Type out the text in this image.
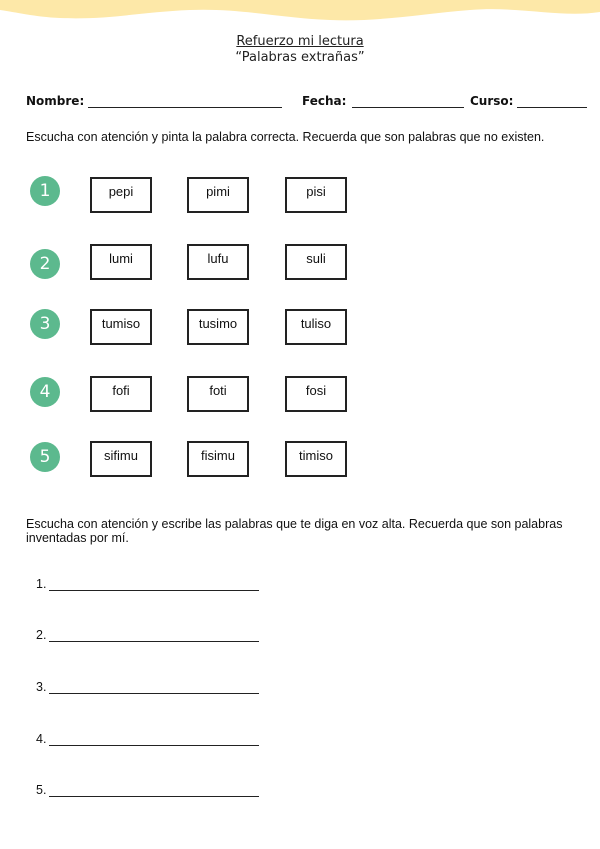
Refuerzo mi lectura
“Palabras extrañas”
Nombre:	Fecha:	Curso:
Escucha con atención y pinta la palabra correcta. Recuerda que son palabras que no existen.
1	pepi	pimi	pisi
2	lumi	lufu	suli
3	tumiso	tusimo	tuliso
4	fofi	foti	fosi
5	sifimu	fisimu	timiso
Escucha con atención y escribe las palabras que te diga en voz alta. Recuerda que son palabras inventadas por mí.
1.
2.
3.
4.
5.
